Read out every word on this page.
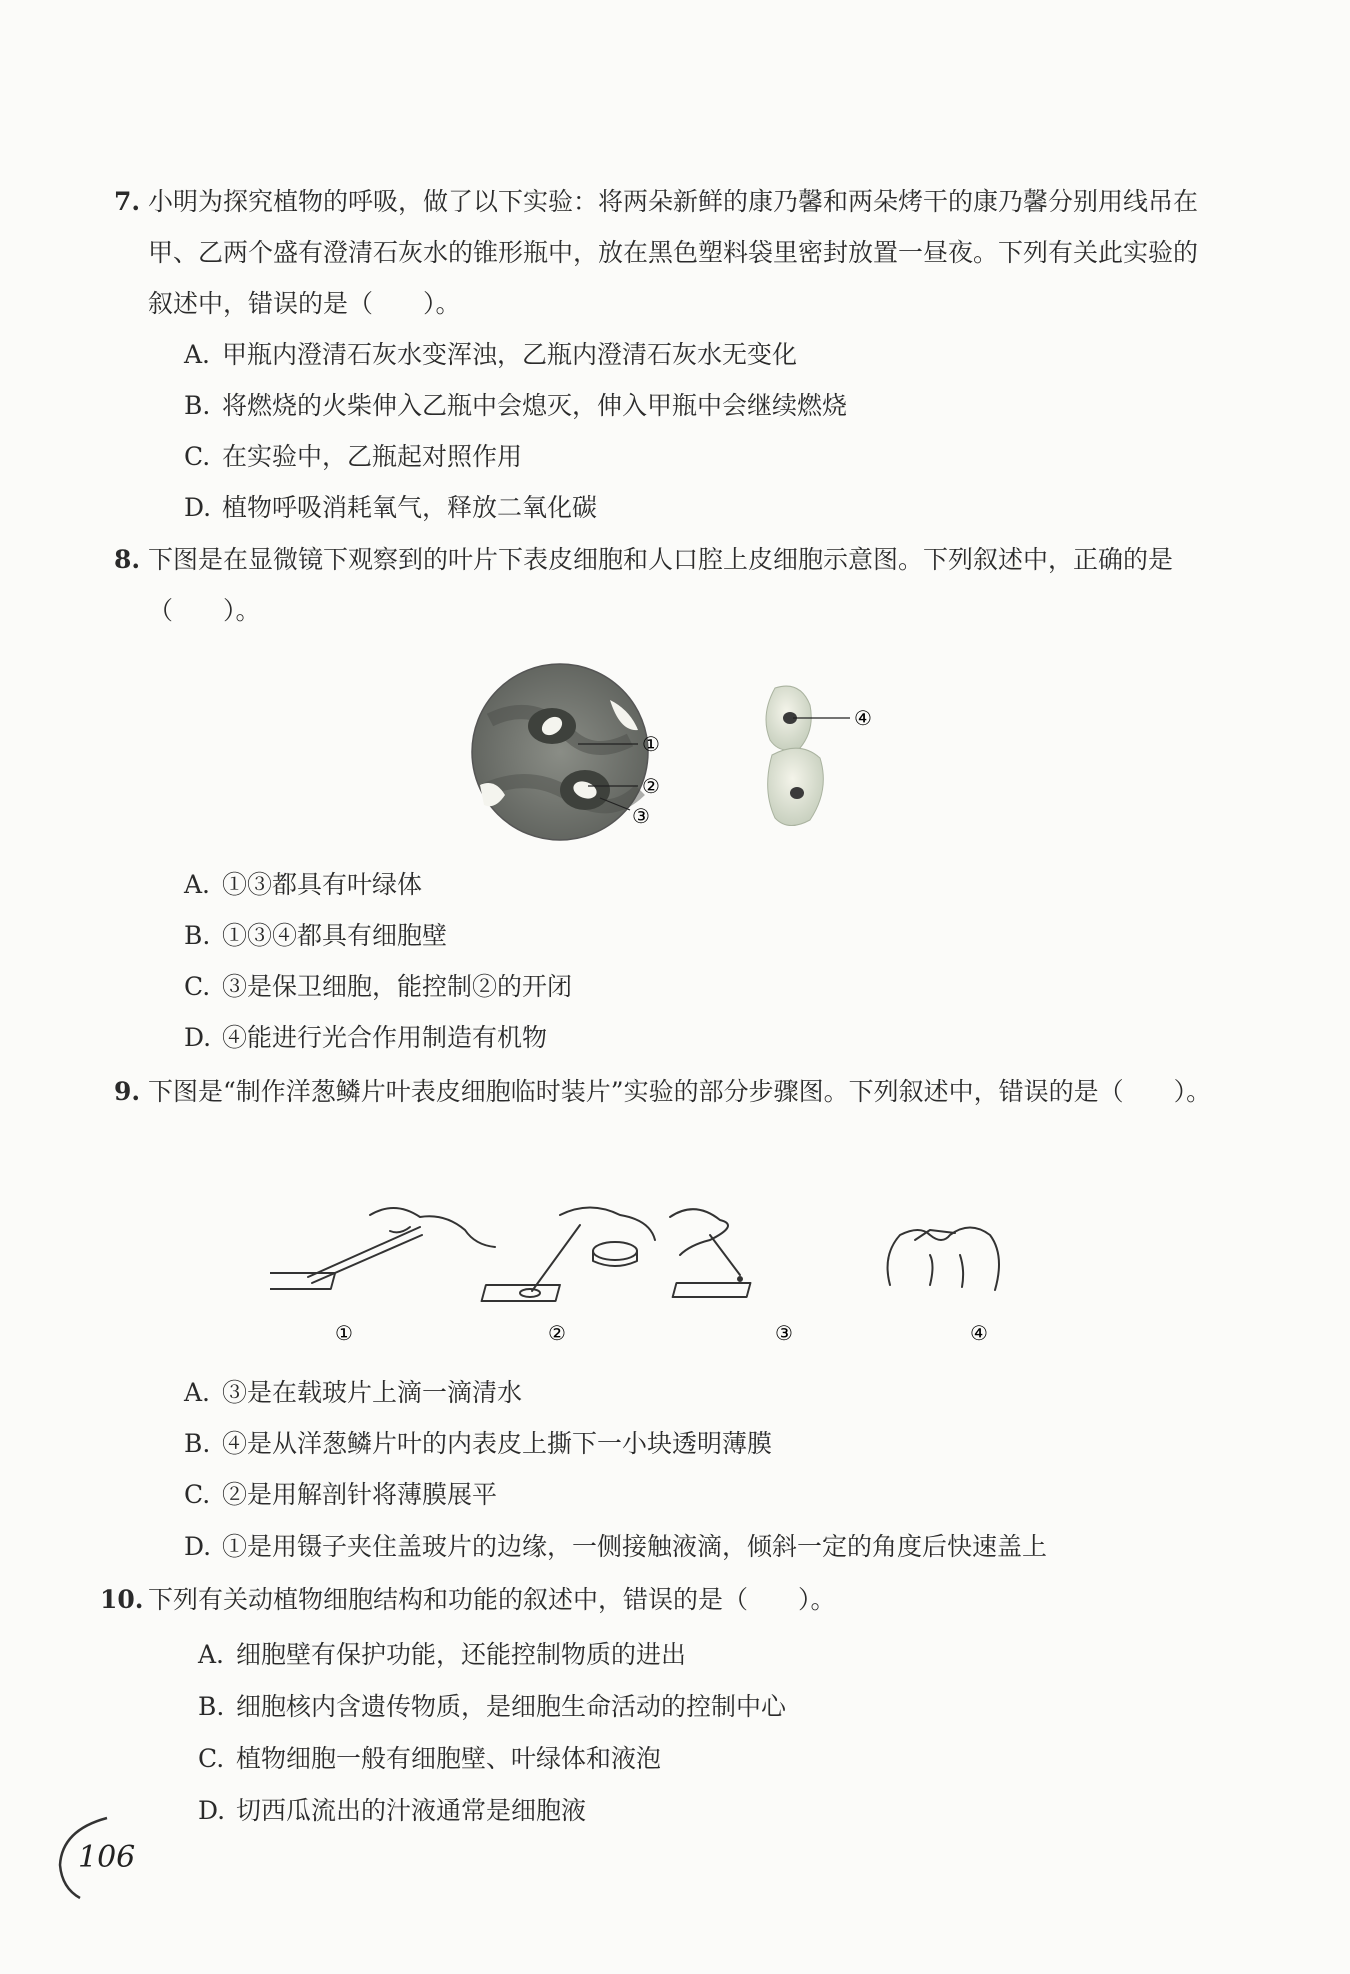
7. 小明为探究植物的呼吸，做了以下实验：将两朵新鲜的康乃馨和两朵烤干的康乃馨分别用线吊在甲、乙两个盛有澄清石灰水的锥形瓶中，放在黑色塑料袋里密封放置一昼夜。下列有关此实验的叙述中，错误的是（　　）。
A. 甲瓶内澄清石灰水变浑浊，乙瓶内澄清石灰水无变化
B. 将燃烧的火柴伸入乙瓶中会熄灭，伸入甲瓶中会继续燃烧
C. 在实验中，乙瓶起对照作用
D. 植物呼吸消耗氧气，释放二氧化碳
8. 下图是在显微镜下观察到的叶片下表皮细胞和人口腔上皮细胞示意图。下列叙述中，正确的是（　　）。
①
②
③
④
A. ①③都具有叶绿体
B. ①③④都具有细胞壁
C. ③是保卫细胞，能控制②的开闭
D. ④能进行光合作用制造有机物
9. 下图是“制作洋葱鳞片叶表皮细胞临时装片”实验的部分步骤图。下列叙述中，错误的是（　　）。
①	②	③	④
A. ③是在载玻片上滴一滴清水
B. ④是从洋葱鳞片叶的内表皮上撕下一小块透明薄膜
C. ②是用解剖针将薄膜展平
D. ①是用镊子夹住盖玻片的边缘，一侧接触液滴，倾斜一定的角度后快速盖上
10. 下列有关动植物细胞结构和功能的叙述中，错误的是（　　）。
A. 细胞壁有保护功能，还能控制物质的进出
B. 细胞核内含遗传物质，是细胞生命活动的控制中心
C. 植物细胞一般有细胞壁、叶绿体和液泡
D. 切西瓜流出的汁液通常是细胞液
106
